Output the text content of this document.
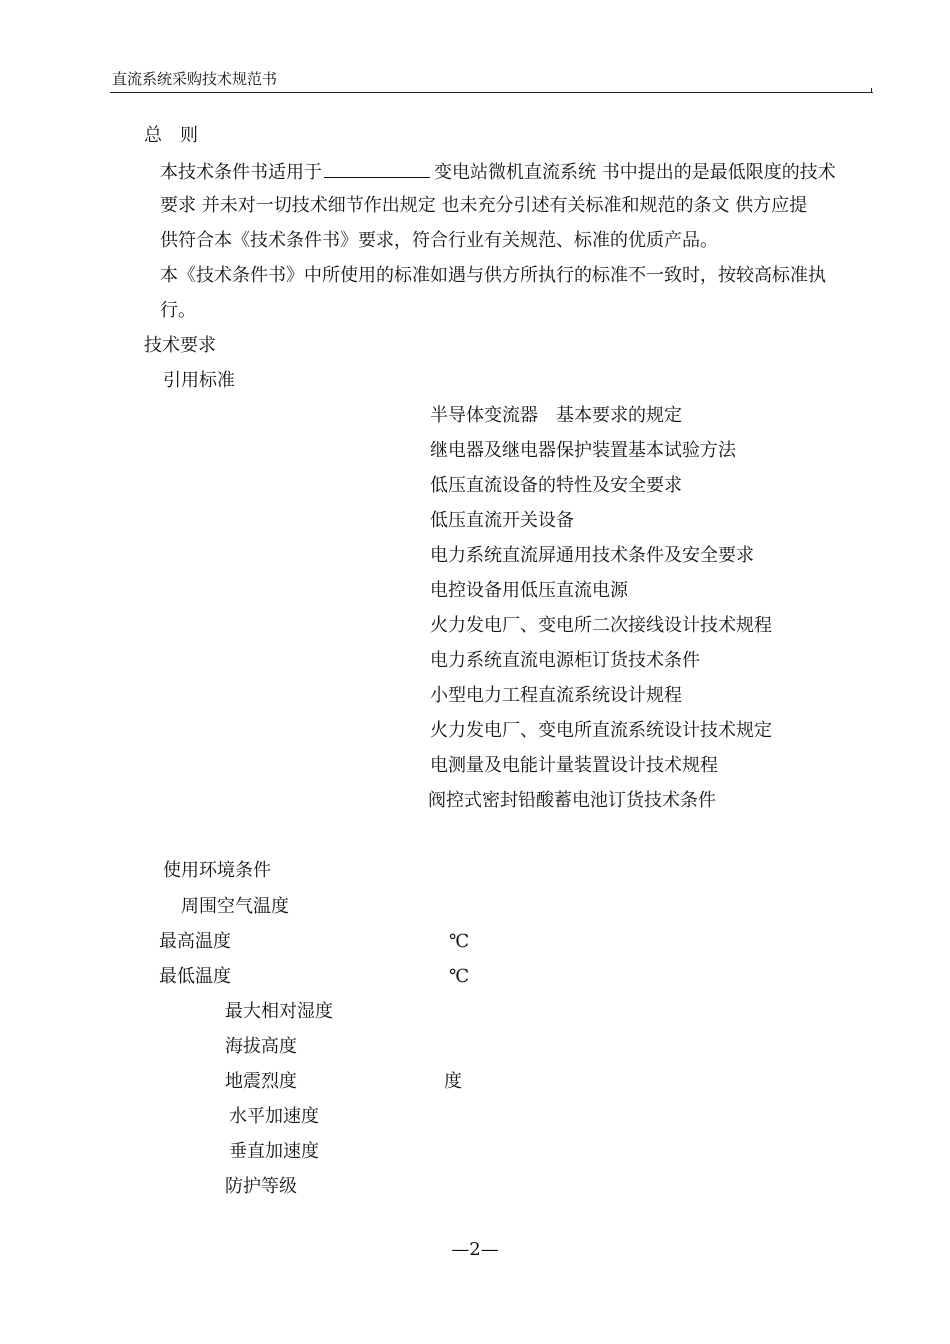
直流系统采购技术规范书
总　则
本技术条件书适用于	变电站微机直流系统 书中提出的是最低限度的技术
要求 并未对一切技术细节作出规定 也未充分引述有关标准和规范的条文 供方应提
供符合本《技术条件书》要求，符合行业有关规范、标准的优质产品。
本《技术条件书》中所使用的标准如遇与供方所执行的标准不一致时，按较高标准执
行。
技术要求
引用标准
半导体变流器　基本要求的规定
继电器及继电器保护装置基本试验方法
低压直流设备的特性及安全要求
低压直流开关设备
电力系统直流屏通用技术条件及安全要求
电控设备用低压直流电源
火力发电厂、变电所二次接线设计技术规程
电力系统直流电源柜订货技术条件
小型电力工程直流系统设计规程
火力发电厂、变电所直流系统设计技术规定
电测量及电能计量装置设计技术规程
阀控式密封铅酸蓄电池订货技术条件
使用环境条件
周围空气温度
最高温度	℃
最低温度	℃
最大相对湿度
海拔高度
地震烈度	度
水平加速度
垂直加速度
防护等级
—2—
